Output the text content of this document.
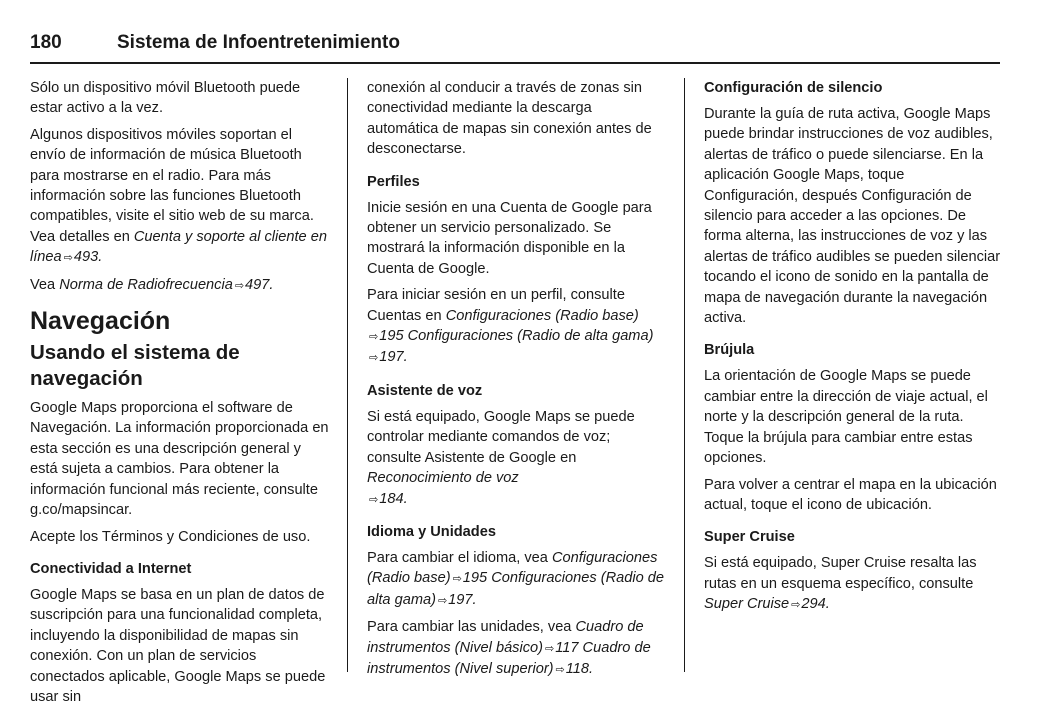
180	Sistema de Infoentretenimiento

Sólo un dispositivo móvil Bluetooth puede estar activo a la vez.

Algunos dispositivos móviles soportan el envío de información de música Bluetooth para mostrarse en el radio. Para más información sobre las funciones Bluetooth compatibles, visite el sitio web de su marca. Vea detalles en Cuenta y soporte al cliente en línea ⇨493.

Vea Norma de Radiofrecuencia ⇨497.

Navegación
Usando el sistema de navegación

Google Maps proporciona el software de Navegación. La información proporcionada en esta sección es una descripción general y está sujeta a cambios. Para obtener la información funcional más reciente, consulte g.co/mapsincar.

Acepte los Términos y Condiciones de uso.

Conectividad a Internet

Google Maps se basa en un plan de datos de suscripción para una funcionalidad completa, incluyendo la disponibilidad de mapas sin conexión. Con un plan de servicios conectados aplicable, Google Maps se puede usar sin

conexión al conducir a través de zonas sin conectividad mediante la descarga automática de mapas sin conexión antes de desconectarse.

Perfiles

Inicie sesión en una Cuenta de Google para obtener un servicio personalizado. Se mostrará la información disponible en la Cuenta de Google.

Para iniciar sesión en un perfil, consulte Cuentas en Configuraciones (Radio base)
⇨195 Configuraciones (Radio de alta gama)
⇨197.

Asistente de voz

Si está equipado, Google Maps se puede controlar mediante comandos de voz; consulte Asistente de Google en Reconocimiento de voz
⇨184.

Idioma y Unidades

Para cambiar el idioma, vea Configuraciones (Radio base) ⇨195 Configuraciones (Radio de alta gama) ⇨197.

Para cambiar las unidades, vea Cuadro de instrumentos (Nivel básico) ⇨117 Cuadro de instrumentos (Nivel superior) ⇨118.

Configuración de silencio

Durante la guía de ruta activa, Google Maps puede brindar instrucciones de voz audibles, alertas de tráfico o puede silenciarse. En la aplicación Google Maps, toque Configuración, después Configuración de silencio para acceder a las opciones. De forma alterna, las instrucciones de voz y las alertas de tráfico audibles se pueden silenciar tocando el icono de sonido en la pantalla de mapa de navegación durante la navegación activa.

Brújula

La orientación de Google Maps se puede cambiar entre la dirección de viaje actual, el norte y la descripción general de la ruta. Toque la brújula para cambiar entre estas opciones.

Para volver a centrar el mapa en la ubicación actual, toque el icono de ubicación.

Super Cruise

Si está equipado, Super Cruise resalta las rutas en un esquema específico, consulte Super Cruise ⇨294.
